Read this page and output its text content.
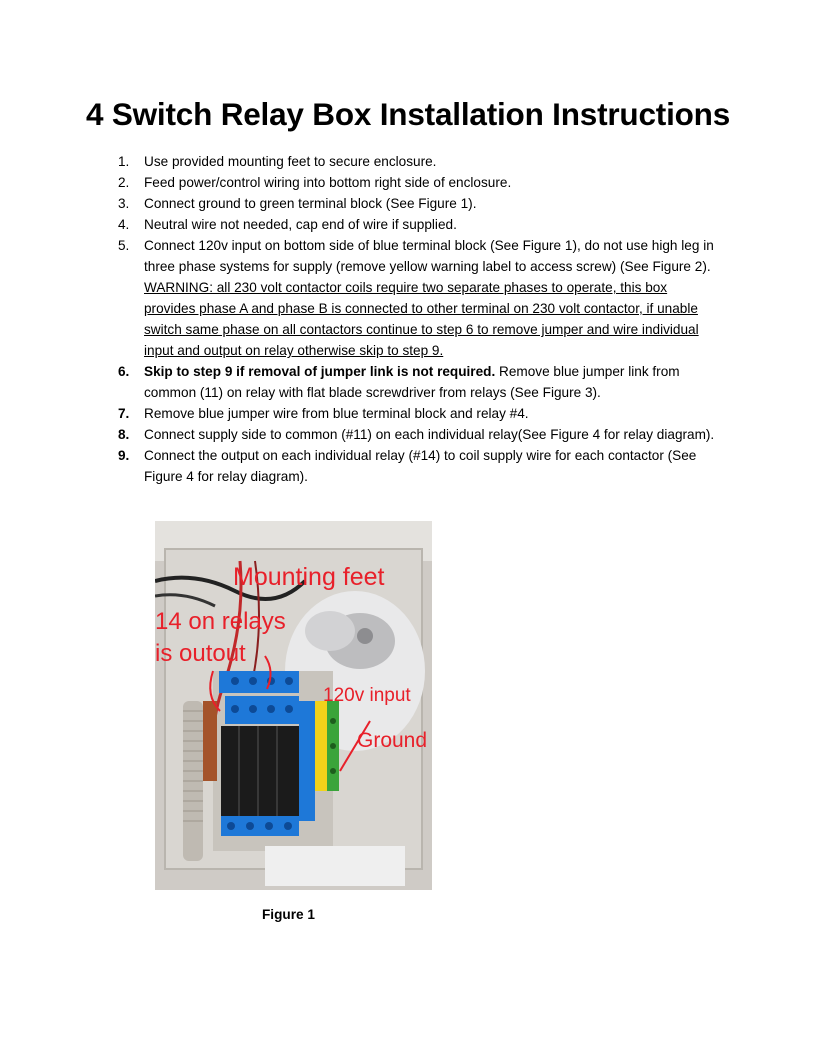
4 Switch Relay Box Installation Instructions
1.	Use provided mounting feet to secure enclosure.
2.	Feed power/control wiring into bottom right side of enclosure.
3.	Connect ground to green terminal block (See Figure 1).
4.	Neutral wire not needed, cap end of wire if supplied.
5.	Connect 120v input on bottom side of blue terminal block (See Figure 1), do not use high leg in three phase systems for supply (remove yellow warning label to access screw) (See Figure 2). WARNING: all 230 volt contactor coils require two separate phases to operate, this box provides phase A and phase B is connected to other terminal on 230 volt contactor, if unable switch same phase on all contactors continue to step 6 to remove jumper and wire individual input and output on relay otherwise skip to step 9.
6.	Skip to step 9 if removal of jumper link is not required. Remove blue jumper link from common (11) on relay with flat blade screwdriver from relays (See Figure 3).
7.	Remove blue jumper wire from blue terminal block and relay #4.
8.	Connect supply side to common (#11) on each individual relay(See Figure 4 for relay diagram).
9.	Connect the output on each individual relay (#14) to coil supply wire for each contactor (See Figure 4 for relay diagram).
Mounting feet
14 on relays
is outout
120v input
Ground
Figure 1
